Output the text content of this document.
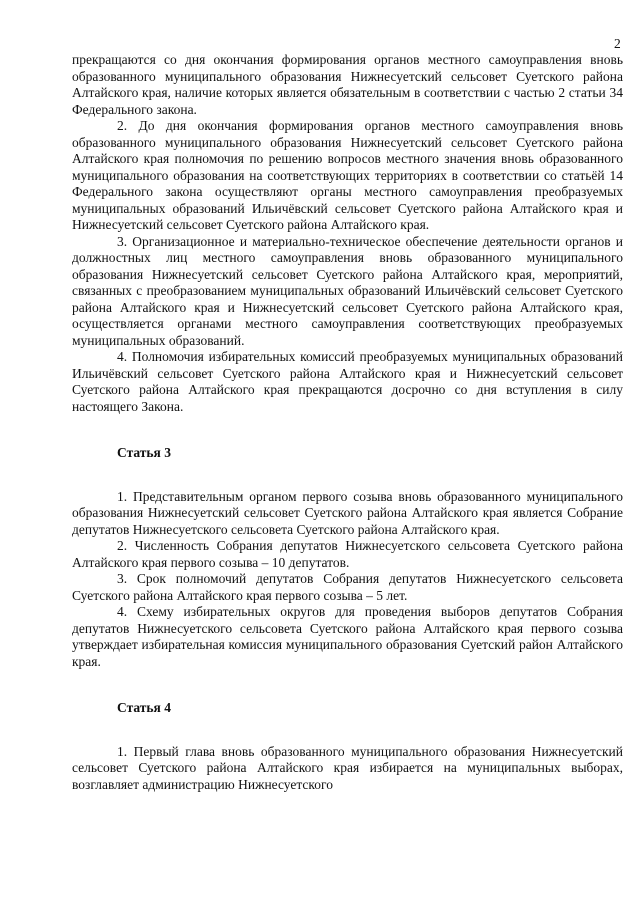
2

прекращаются со дня окончания формирования органов местного самоуправления вновь образованного муниципального образования Нижнесуетский сельсовет Суетского района Алтайского края, наличие которых является обязательным в соответствии с частью 2 статьи 34 Федерального закона.

2. До дня окончания формирования органов местного самоуправления вновь образованного муниципального образования Нижнесуетский сельсовет Суетского района Алтайского края полномочия по решению вопросов местного значения вновь образованного муниципального образования на соответствующих территориях в соответствии со статьёй 14 Федерального закона осуществляют органы местного самоуправления преобразуемых муниципальных образований Ильичёвский сельсовет Суетского района Алтайского края и Нижнесуетский сельсовет Суетского района Алтайского края.

3. Организационное и материально-техническое обеспечение деятельности органов и должностных лиц местного самоуправления вновь образованного муниципального образования Нижнесуетский сельсовет Суетского района Алтайского края, мероприятий, связанных с преобразованием муниципальных образований Ильичёвский сельсовет Суетского района Алтайского края и Нижнесуетский сельсовет Суетского района Алтайского края, осуществляется органами местного самоуправления соответствующих преобразуемых муниципальных образований.

4. Полномочия избирательных комиссий преобразуемых муниципальных образований Ильичёвский сельсовет Суетского района Алтайского края и Нижнесуетский сельсовет Суетского района Алтайского края прекращаются досрочно со дня вступления в силу настоящего Закона.

Статья 3

1. Представительным органом первого созыва вновь образованного муниципального образования Нижнесуетский сельсовет Суетского района Алтайского края является Собрание депутатов Нижнесуетского сельсовета Суетского района Алтайского края.

2. Численность Собрания депутатов Нижнесуетского сельсовета Суетского района Алтайского края первого созыва – 10 депутатов.

3. Срок полномочий депутатов Собрания депутатов Нижнесуетского сельсовета Суетского района Алтайского края первого созыва – 5 лет.

4. Схему избирательных округов для проведения выборов депутатов Собрания депутатов Нижнесуетского сельсовета Суетского района Алтайского края первого созыва утверждает избирательная комиссия муниципального образования Суетский район Алтайского края.

Статья 4

1. Первый глава вновь образованного муниципального образования Нижнесуетский сельсовет Суетского района Алтайского края избирается на муниципальных выборах, возглавляет администрацию Нижнесуетского
